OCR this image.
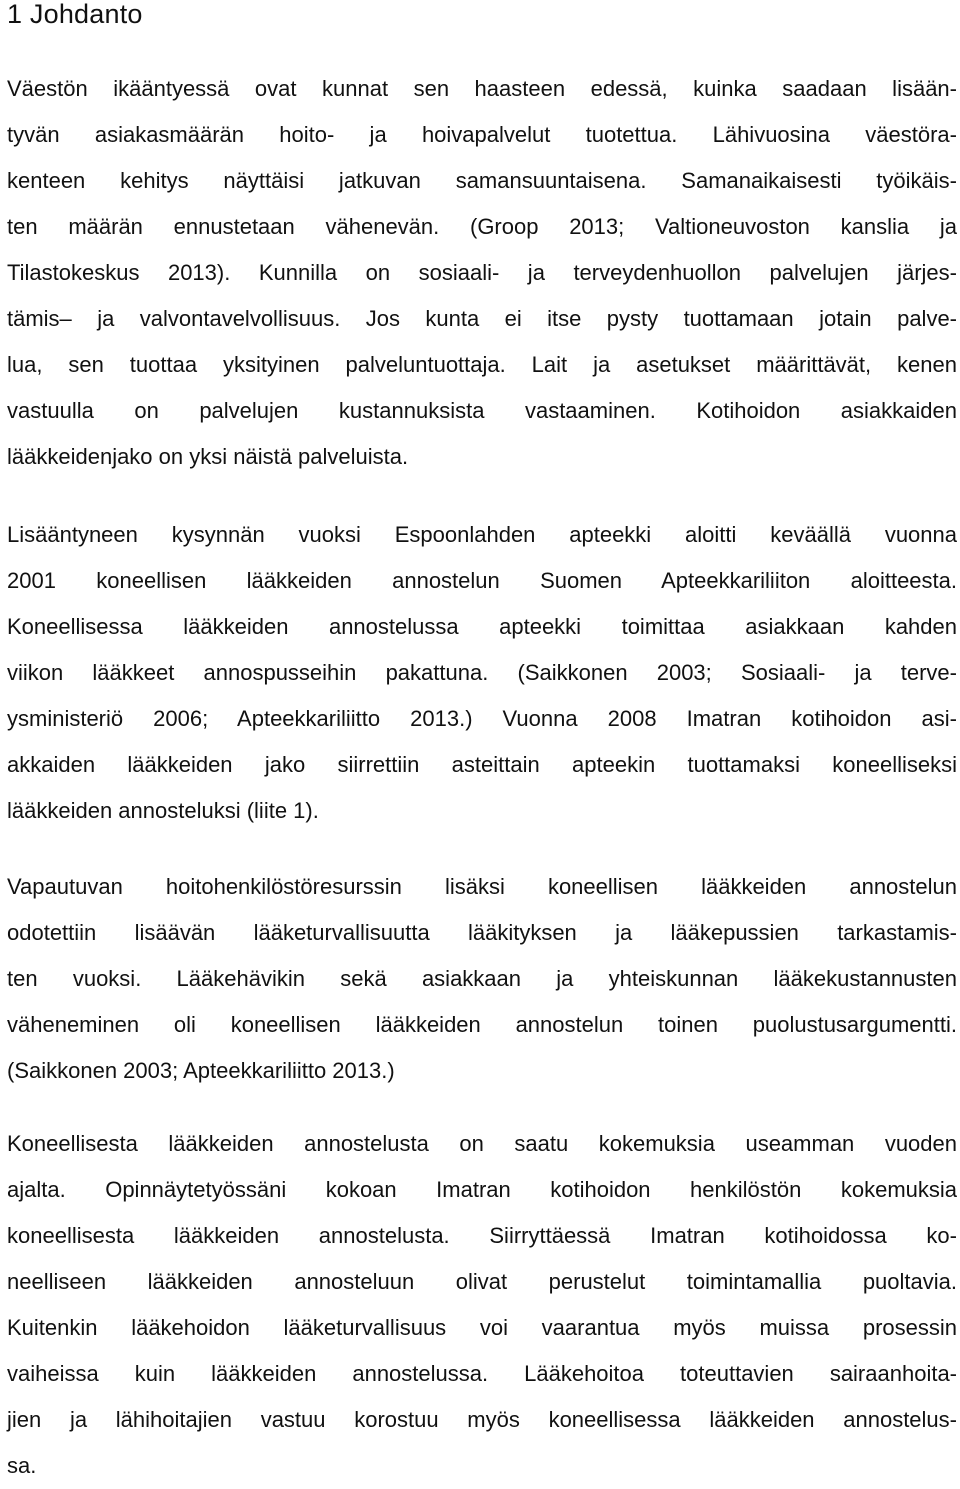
1 Johdanto
Väestön ikääntyessä ovat kunnat sen haasteen edessä, kuinka saadaan lisään-
tyvän asiakasmäärän hoito- ja hoivapalvelut tuotettua. Lähivuosina väestöra-
kenteen kehitys näyttäisi jatkuvan samansuuntaisena. Samanaikaisesti työikäis-
ten määrän ennustetaan vähenevän. (Groop 2013; Valtioneuvoston kanslia ja
Tilastokeskus 2013). Kunnilla on sosiaali- ja terveydenhuollon palvelujen järjes-
tämis– ja valvontavelvollisuus. Jos kunta ei itse pysty tuottamaan jotain palve-
lua, sen tuottaa yksityinen palveluntuottaja. Lait ja asetukset määrittävät, kenen
vastuulla on palvelujen kustannuksista vastaaminen. Kotihoidon asiakkaiden
lääkkeidenjako on yksi näistä palveluista.
Lisääntyneen kysynnän vuoksi Espoonlahden apteekki aloitti keväällä vuonna
2001 koneellisen lääkkeiden annostelun Suomen Apteekkariliiton aloitteesta.
Koneellisessa lääkkeiden annostelussa apteekki toimittaa asiakkaan kahden
viikon lääkkeet annospusseihin pakattuna. (Saikkonen 2003; Sosiaali- ja terve-
ysministeriö 2006; Apteekkariliitto 2013.) Vuonna 2008 Imatran kotihoidon asi-
akkaiden lääkkeiden jako siirrettiin asteittain apteekin tuottamaksi koneelliseksi
lääkkeiden annosteluksi (liite 1).
Vapautuvan hoitohenkilöstöresurssin lisäksi koneellisen lääkkeiden annostelun
odotettiin lisäävän lääketurvallisuutta lääkityksen ja lääkepussien tarkastamis-
ten vuoksi. Lääkehävikin sekä asiakkaan ja yhteiskunnan lääkekustannusten
väheneminen oli koneellisen lääkkeiden annostelun toinen puolustusargumentti.
(Saikkonen 2003; Apteekkariliitto 2013.)
Koneellisesta lääkkeiden annostelusta on saatu kokemuksia useamman vuoden
ajalta. Opinnäytetyössäni kokoan Imatran kotihoidon henkilöstön kokemuksia
koneellisesta lääkkeiden annostelusta. Siirryttäessä Imatran kotihoidossa ko-
neelliseen lääkkeiden annosteluun olivat perustelut toimintamallia puoltavia.
Kuitenkin lääkehoidon lääketurvallisuus voi vaarantua myös muissa prosessin
vaiheissa kuin lääkkeiden annostelussa. Lääkehoitoa toteuttavien sairaanhoita-
jien ja lähihoitajien vastuu korostuu myös koneellisessa lääkkeiden annostelus-
sa.
